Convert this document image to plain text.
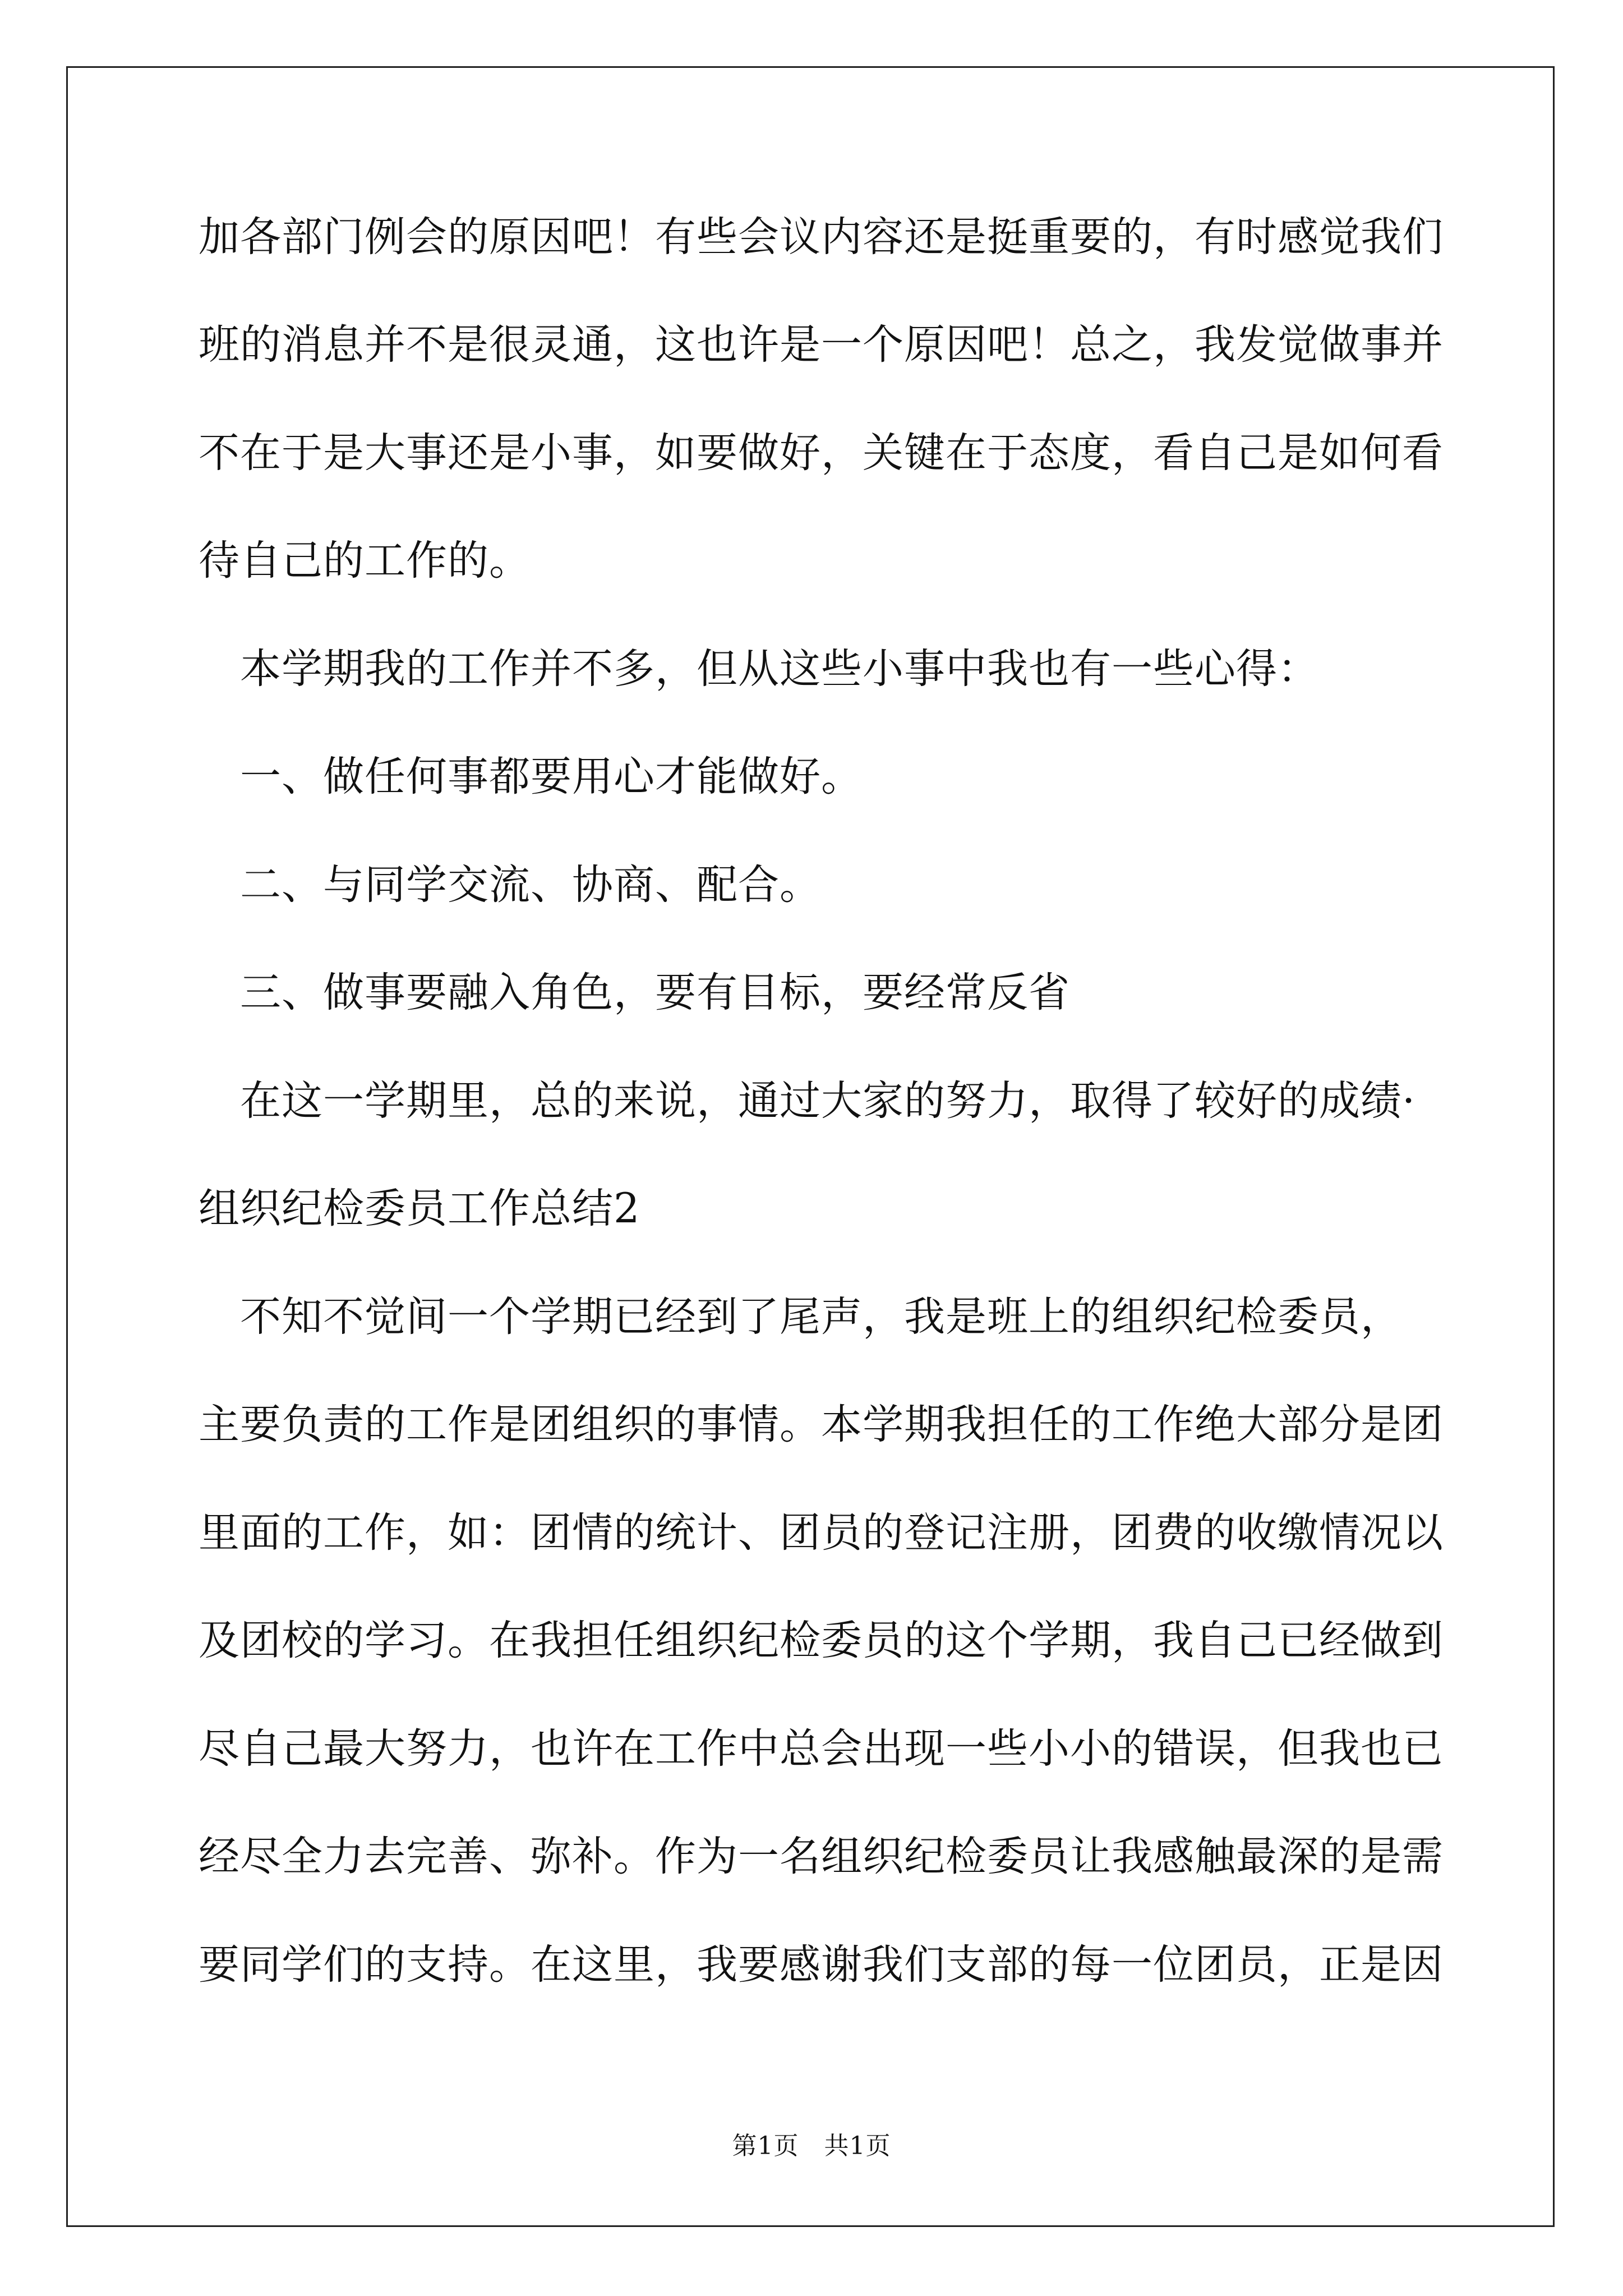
加各部门例会的原因吧！有些会议内容还是挺重要的，有时感觉我们
班的消息并不是很灵通，这也许是一个原因吧！总之，我发觉做事并
不在于是大事还是小事，如要做好，关键在于态度，看自己是如何看
待自己的工作的。
　本学期我的工作并不多，但从这些小事中我也有一些心得：
　一、做任何事都要用心才能做好。
　二、与同学交流、协商、配合。
　三、做事要融入角色，要有目标，要经常反省
　在这一学期里，总的来说，通过大家的努力，取得了较好的成绩·
组织纪检委员工作总结2
　不知不觉间一个学期已经到了尾声，我是班上的组织纪检委员，
主要负责的工作是团组织的事情。本学期我担任的工作绝大部分是团
里面的工作，如：团情的统计、团员的登记注册，团费的收缴情况以
及团校的学习。在我担任组织纪检委员的这个学期，我自己已经做到
尽自己最大努力，也许在工作中总会出现一些小小的错误，但我也已
经尽全力去完善、弥补。作为一名组织纪检委员让我感触最深的是需
要同学们的支持。在这里，我要感谢我们支部的每一位团员，正是因
第1页　共1页
